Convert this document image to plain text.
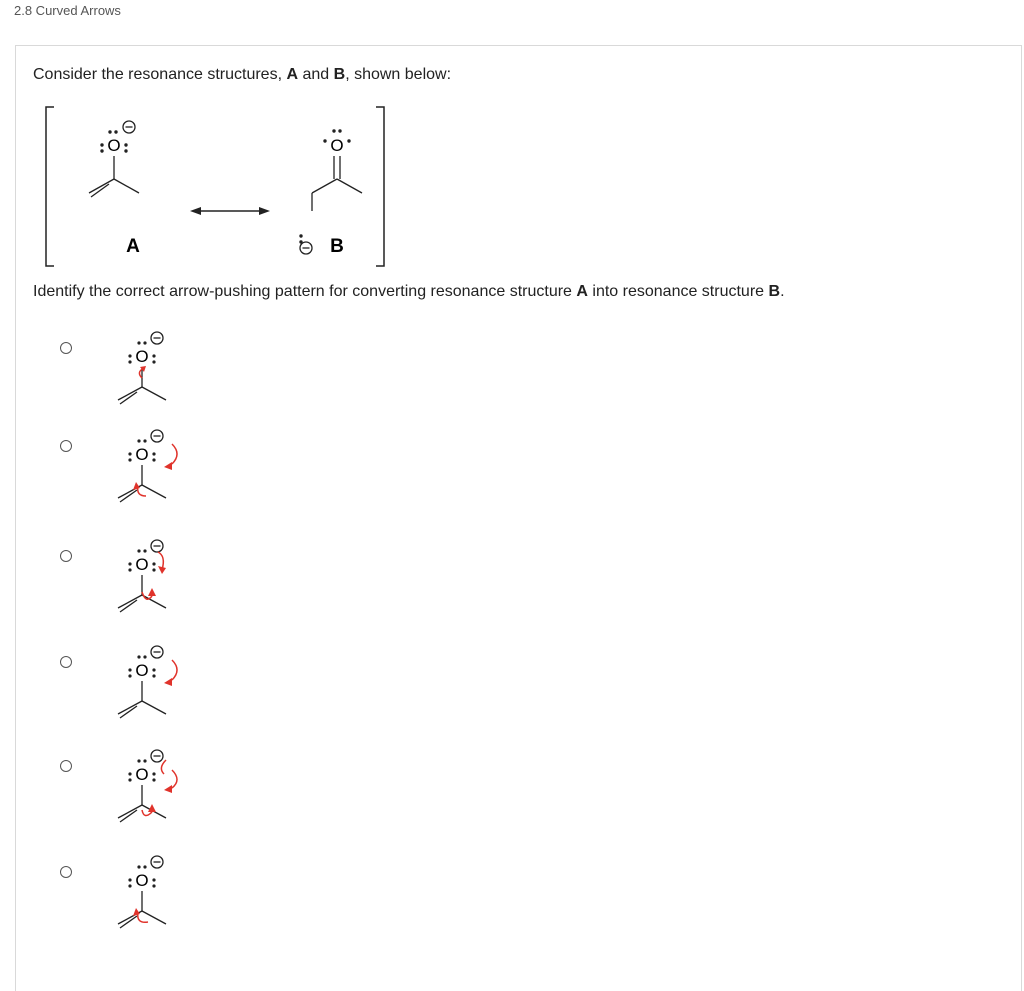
2.8 Curved Arrows
Consider the resonance structures, A and B, shown below:
O
A
O
B
Identify the correct arrow-pushing pattern for converting resonance structure A into resonance structure B.
O
O
O
O
O
O
